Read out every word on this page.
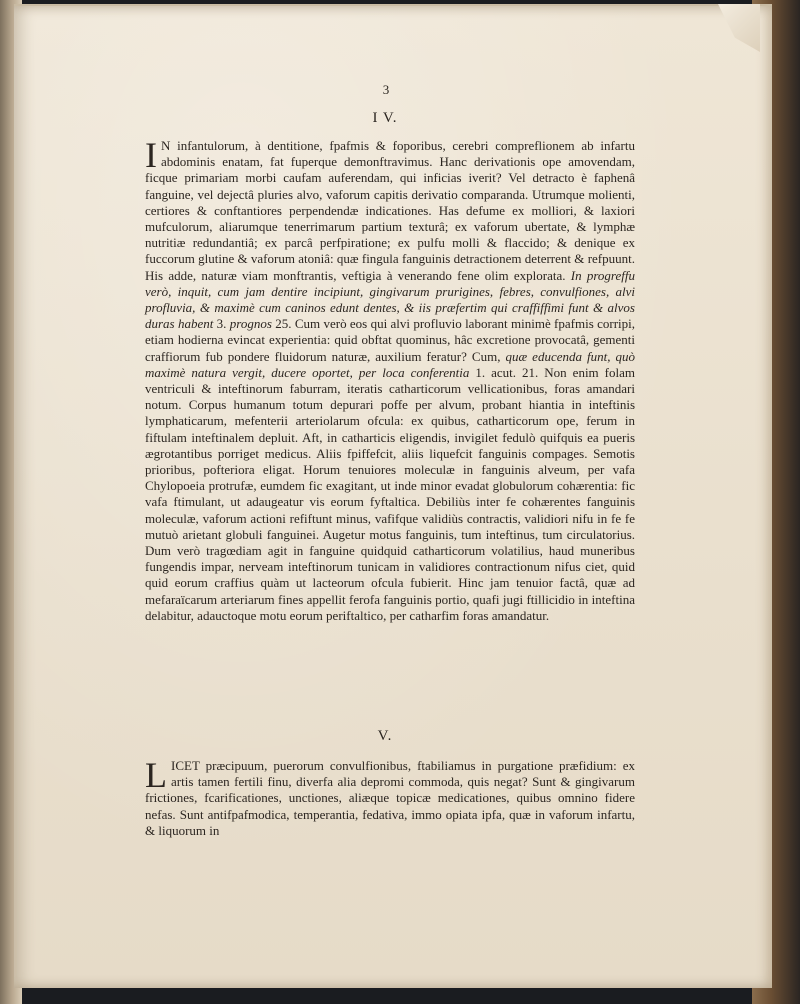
3
I V.

I N infantulorum, à dentitione, fpafmis & foporibus, cerebri compreflionem ab infartu abdominis enatam, fat fuperque demonftravimus. Hanc derivationis ope amovendam, ficque primariam morbi caufam auferendam, qui inficias iverit? Vel detracto è faphenâ fanguine, vel dejectâ pluries alvo, vaforum capitis derivatio comparanda. Utrumque molienti, certiores & conftantiores perpendendæ indicationes. Has defume ex molliori, & laxiori mufculorum, aliarumque tenerrimarum partium texturâ; ex vaforum ubertate, & lymphæ nutritiæ redundantiâ; ex parcâ perfpiratione; ex pulfu molli & flaccido; & denique ex fuccorum glutine & vaforum atoniâ: quæ fingula fanguinis detractionem deterrent & refpuunt. His adde, naturæ viam monftrantis, veftigia à venerando fene olim explorata. In progreffu verò, inquit, cum jam dentire incipiunt, gingivarum prurigines, febres, convulfiones, alvi profluvia, & maximè cum caninos edunt dentes, & iis præfertim qui craffiffimi funt & alvos duras habent 3. prognos 25. Cum verò eos qui alvi profluvio laborant minimè fpafmis corripi, etiam hodierna evincat experientia: quid obftat quominus, hâc excretione provocatâ, gementi craffiorum fub pondere fluidorum naturæ, auxilium feratur? Cum, quæ educenda funt, quò maximè natura vergit, ducere oportet, per loca conferentia 1. acut. 21. Non enim folam ventriculi & inteftinorum faburram, iteratis catharticorum vellicationibus, foras amandari notum. Corpus humanum totum depurari poffe per alvum, probant hiantia in inteftinis lymphaticarum, mefenterii arteriolarum ofcula: ex quibus, catharticorum ope, ferum in fiftulam inteftinalem depluit. Aft, in catharticis eligendis, invigilet fedulò quifquis ea pueris ægrotantibus porriget medicus. Aliis fpiffefcit, aliis liquefcit fanguinis compages. Semotis prioribus, pofteriora eligat. Horum tenuiores moleculæ in fanguinis alveum, per vafa Chylopoeia protrufæ, eumdem fic exagitant, ut inde minor evadat globulorum cohærentia: fic vafa ftimulant, ut adaugeatur vis eorum fyftaltica. Debiliùs inter fe cohærentes fanguinis moleculæ, vaforum actioni refiftunt minus, vafifque validiùs contractis, validiori nifu in fe fe mutuò arietant globuli fanguinei. Augetur motus fanguinis, tum inteftinus, tum circulatorius. Dum verò tragœdiam agit in fanguine quidquid catharticorum volatilius, haud muneribus fungendis impar, nerveam inteftinorum tunicam in validiores contractionum nifus ciet, quid quid eorum craffius quàm ut lacteorum ofcula fubierit. Hinc jam tenuior factâ, quæ ad mefaraïcarum arteriarum fines appellit ferofa fanguinis portio, quafi jugi ftillicidio in inteftina delabitur, adauctoque motu eorum periftaltico, per catharfim foras amandatur.

V.

L ICET præcipuum, puerorum convulfionibus, ftabiliamus in purgatione præfidium: ex artis tamen fertili finu, diverfa alia depromi commoda, quis negat? Sunt & gingivarum frictiones, fcarificationes, unctiones, aliæque topicæ medicationes, quibus omnino fidere nefas. Sunt antifpafmodica, temperantia, fedativa, immo opiata ipfa, quæ in vaforum infartu, & liquorum in
